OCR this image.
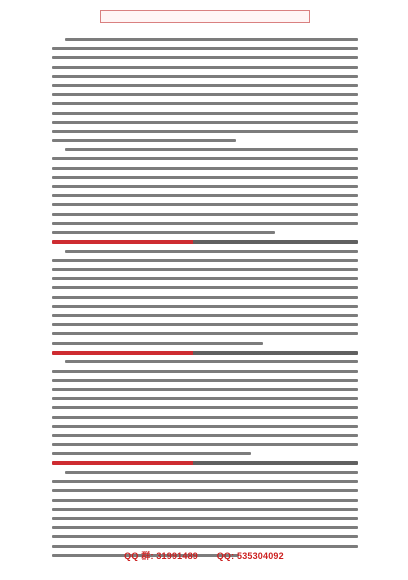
QQ 群: 31991489 QQ: 535304092
